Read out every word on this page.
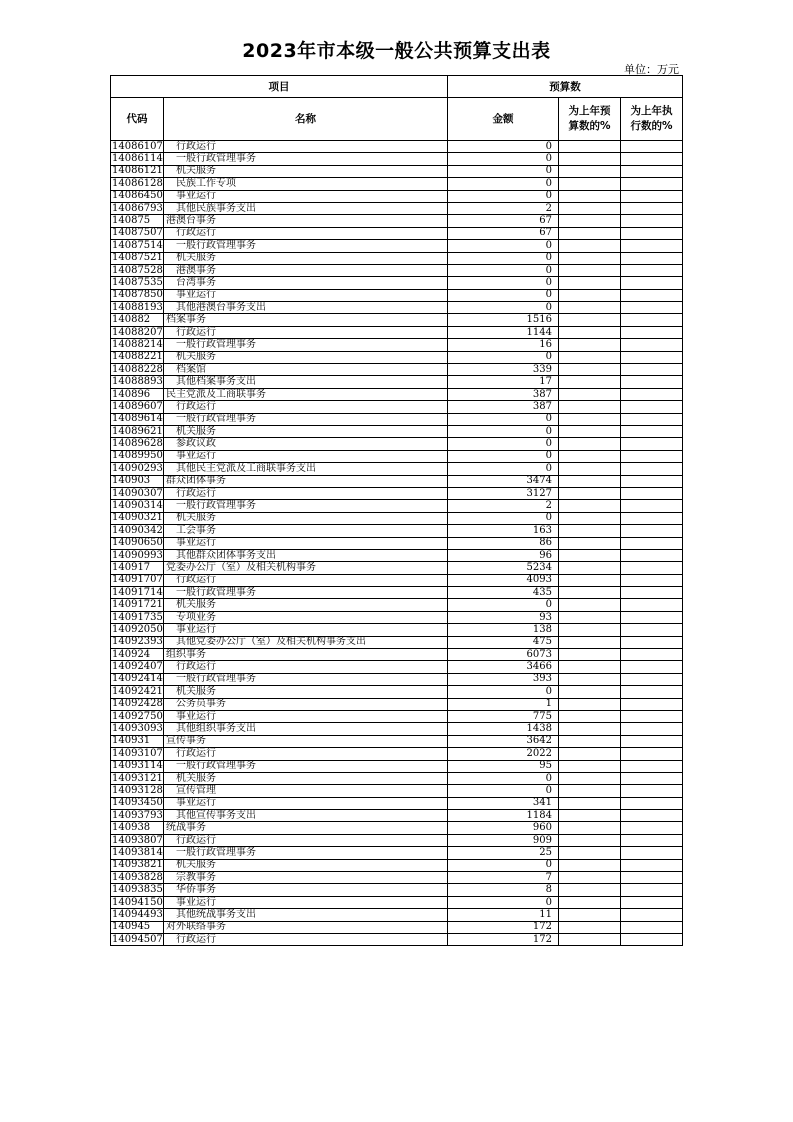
2023年市本级一般公共预算支出表
单位：万元
项目		预算数		
代码	名称	金额	为上年预算数的%	为上年执行数的%
14086107	行政运行	0		
14086114	一般行政管理事务	0		
14086121	机关服务	0		
14086128	民族工作专项	0		
14086450	事业运行	0		
14086793	其他民族事务支出	2		
140875	港澳台事务	67		
14087507	行政运行	67		
14087514	一般行政管理事务	0		
14087521	机关服务	0		
14087528	港澳事务	0		
14087535	台湾事务	0		
14087850	事业运行	0		
14088193	其他港澳台事务支出	0		
140882	档案事务	1516		
14088207	行政运行	1144		
14088214	一般行政管理事务	16		
14088221	机关服务	0		
14088228	档案馆	339		
14088893	其他档案事务支出	17		
140896	民主党派及工商联事务	387		
14089607	行政运行	387		
14089614	一般行政管理事务	0		
14089621	机关服务	0		
14089628	参政议政	0		
14089950	事业运行	0		
14090293	其他民主党派及工商联事务支出	0		
140903	群众团体事务	3474		
14090307	行政运行	3127		
14090314	一般行政管理事务	2		
14090321	机关服务	0		
14090342	工会事务	163		
14090650	事业运行	86		
14090993	其他群众团体事务支出	96		
140917	党委办公厅（室）及相关机构事务	5234		
14091707	行政运行	4093		
14091714	一般行政管理事务	435		
14091721	机关服务	0		
14091735	专项业务	93		
14092050	事业运行	138		
14092393	其他党委办公厅（室）及相关机构事务支出	475		
140924	组织事务	6073		
14092407	行政运行	3466		
14092414	一般行政管理事务	393		
14092421	机关服务	0		
14092428	公务员事务	1		
14092750	事业运行	775		
14093093	其他组织事务支出	1438		
140931	宣传事务	3642		
14093107	行政运行	2022		
14093114	一般行政管理事务	95		
14093121	机关服务	0		
14093128	宣传管理	0		
14093450	事业运行	341		
14093793	其他宣传事务支出	1184		
140938	统战事务	960		
14093807	行政运行	909		
14093814	一般行政管理事务	25		
14093821	机关服务	0		
14093828	宗教事务	7		
14093835	华侨事务	8		
14094150	事业运行	0		
14094493	其他统战事务支出	11		
140945	对外联络事务	172		
14094507	行政运行	172		
